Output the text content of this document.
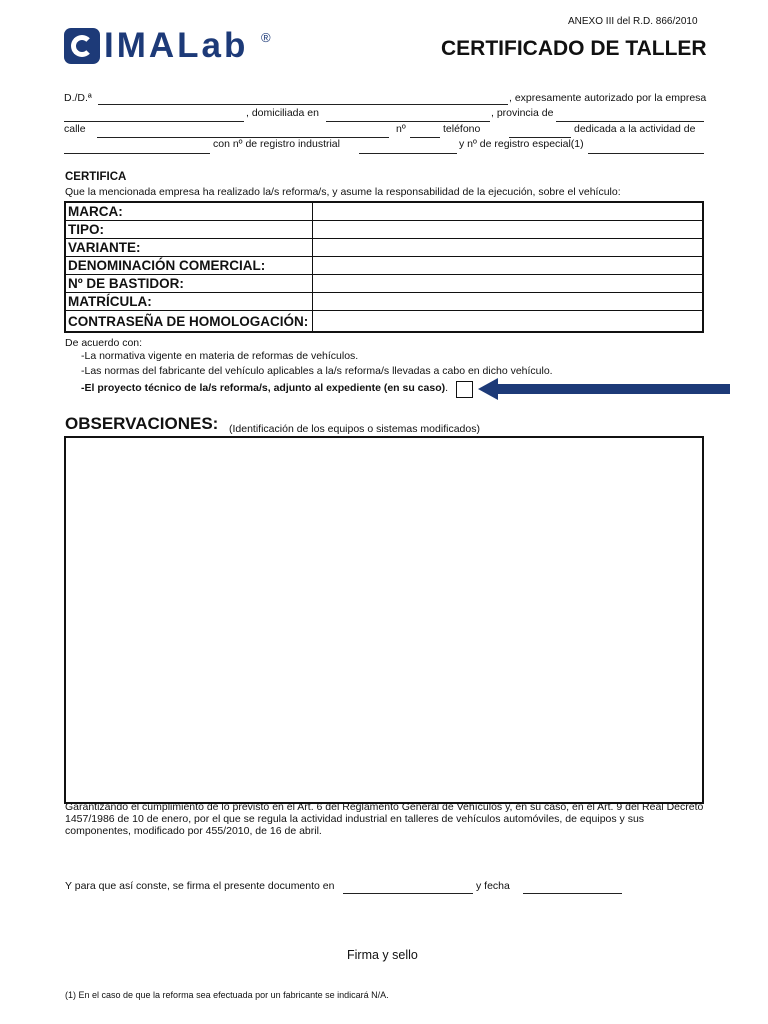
ANEXO III del R.D. 866/2010
IMALab ®	CERTIFICADO DE TALLER
D./D.ª	, expresamente autorizado por la empresa
, domiciliada en	, provincia de
calle	nº	teléfono	dedicada a la actividad de
con nº de registro industrial	y nº de registro especial(1)
CERTIFICA
Que la mencionada empresa ha realizado la/s reforma/s, y asume la responsabilidad de la ejecución, sobre el vehículo:
MARCA:	
TIPO:	
VARIANTE:	
DENOMINACIÓN COMERCIAL:	
Nº DE BASTIDOR:	
MATRÍCULA:	
CONTRASEÑA DE HOMOLOGACIÓN:	
De acuerdo con:
-La normativa vigente en materia de reformas de vehículos.
-Las normas del fabricante del vehículo aplicables a la/s reforma/s llevadas a cabo en dicho vehículo.
-El proyecto técnico de la/s reforma/s, adjunto al expediente (en su caso).
OBSERVACIONES: (Identificación de los equipos o sistemas modificados)
Garantizando el cumplimiento de lo previsto en el Art. 6 del Reglamento General de Vehículos y, en su caso, en el Art. 9 del Real Decreto 1457/1986 de 10 de enero, por el que se regula la actividad industrial en talleres de vehículos automóviles, de equipos y sus componentes, modificado por 455/2010, de 16 de abril.
Y para que así conste, se firma el presente documento en	y fecha
Firma y sello
(1) En el caso de que la reforma sea efectuada por un fabricante se indicará N/A.
